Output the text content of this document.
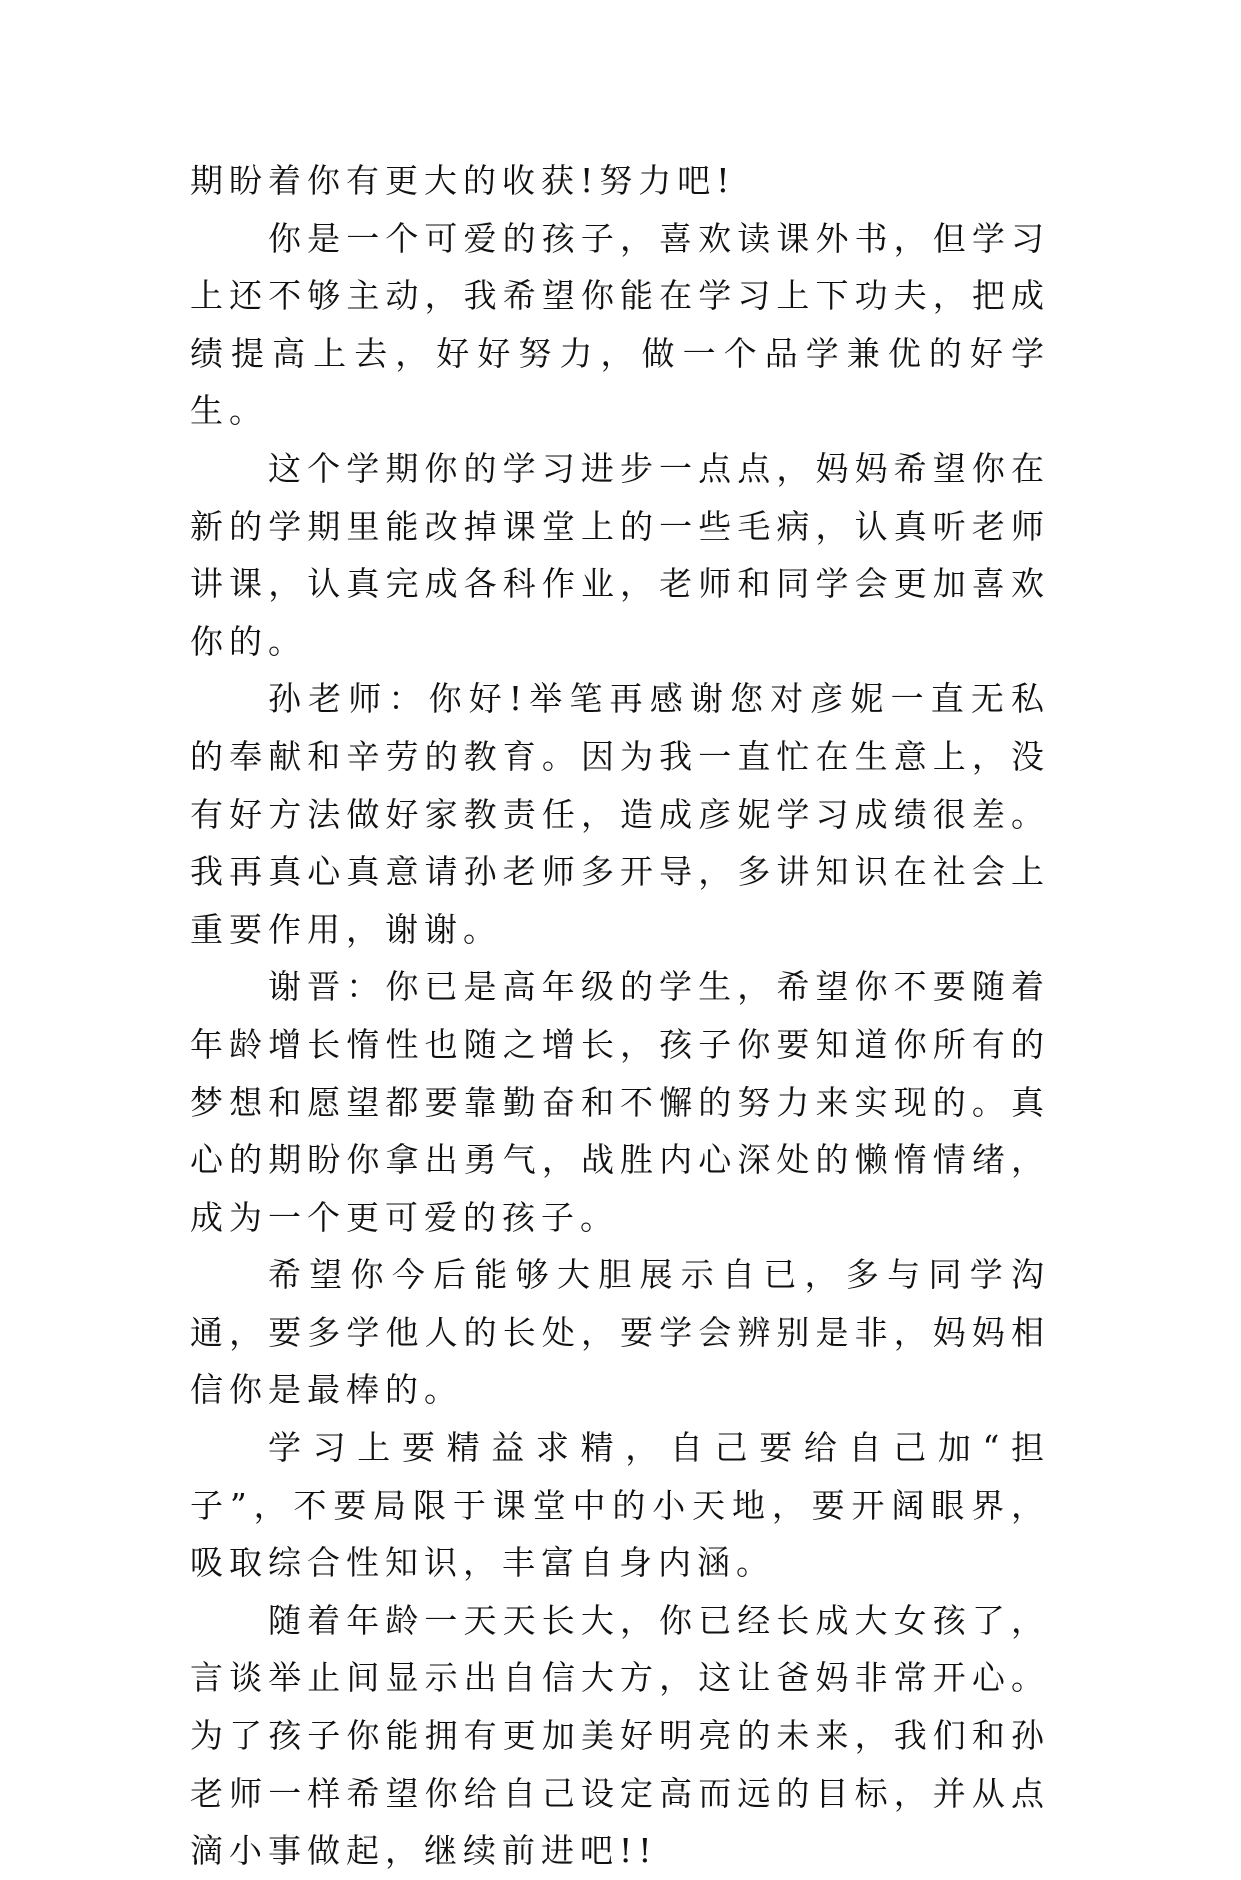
期盼着你有更大的收获!努力吧!

你是一个可爱的孩子，喜欢读课外书，但学习上还不够主动，我希望你能在学习上下功夫，把成绩提高上去，好好努力，做一个品学兼优的好学生。

这个学期你的学习进步一点点，妈妈希望你在新的学期里能改掉课堂上的一些毛病，认真听老师讲课，认真完成各科作业，老师和同学会更加喜欢你的。

孙老师：你好!举笔再感谢您对彦妮一直无私的奉献和辛劳的教育。因为我一直忙在生意上，没有好方法做好家教责任，造成彦妮学习成绩很差。我再真心真意请孙老师多开导，多讲知识在社会上重要作用，谢谢。

谢晋：你已是高年级的学生，希望你不要随着年龄增长惰性也随之增长，孩子你要知道你所有的梦想和愿望都要靠勤奋和不懈的努力来实现的。真心的期盼你拿出勇气，战胜内心深处的懒惰情绪，成为一个更可爱的孩子。

希望你今后能够大胆展示自已，多与同学沟通，要多学他人的长处，要学会辨别是非，妈妈相信你是最棒的。

学习上要精益求精，自己要给自己加“担子”，不要局限于课堂中的小天地，要开阔眼界，吸取综合性知识，丰富自身内涵。

随着年龄一天天长大，你已经长成大女孩了，言谈举止间显示出自信大方，这让爸妈非常开心。为了孩子你能拥有更加美好明亮的未来，我们和孙老师一样希望你给自己设定高而远的目标，并从点滴小事做起，继续前进吧!!
